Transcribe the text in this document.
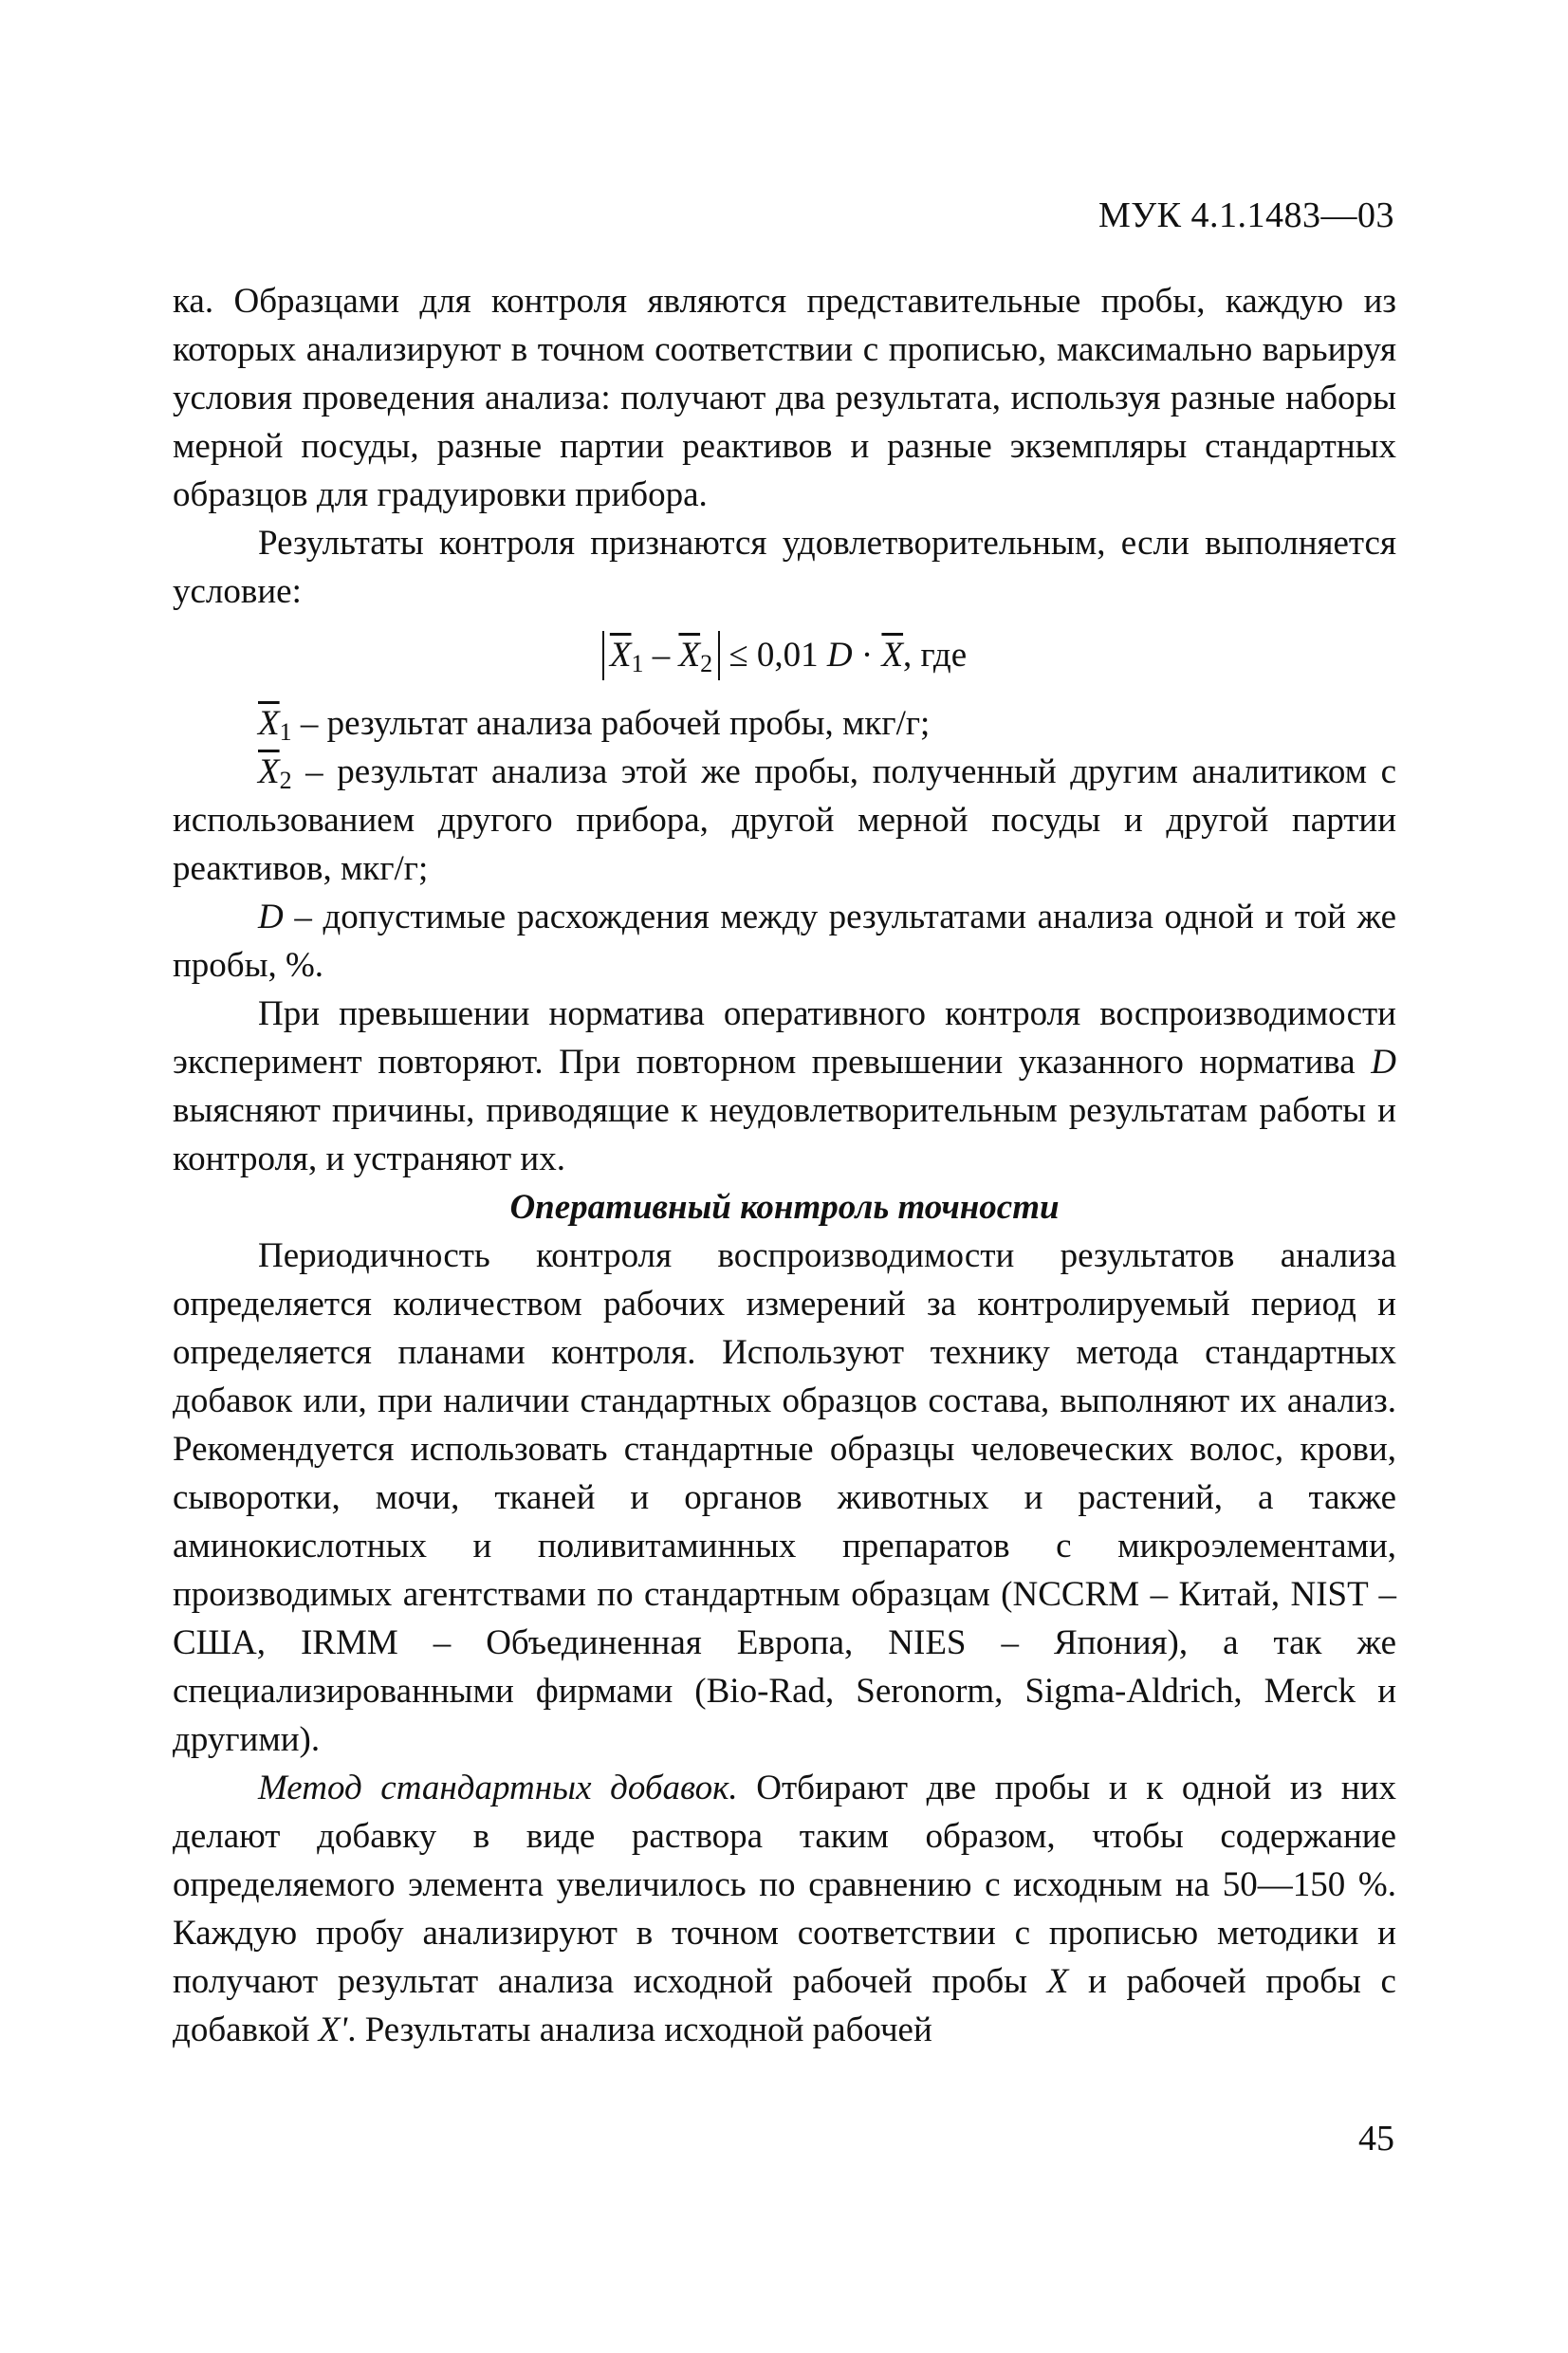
МУК 4.1.1483—03

ка. Образцами для контроля являются представительные пробы, каждую из которых анализируют в точном соответствии с прописью, максимально варьируя условия проведения анализа: получают два результата, используя разные наборы мерной посуды, разные партии реактивов и разные экземпляры стандартных образцов для градуировки прибора.

Результаты контроля признаются удовлетворительным, если выполняется условие:

$\overline{X}_1 - \overline{X}_2 \le 0,01$ $D \cdot \overline{X}$, где

$\overline{X}_1$ – результат анализа рабочей пробы, мкг/г;

$\overline{X}_2$ – результат анализа этой же пробы, полученный другим аналитиком с использованием другого прибора, другой мерной посуды и другой партии реактивов, мкг/г;

D – допустимые расхождения между результатами анализа одной и той же пробы, %.

При превышении норматива оперативного контроля воспроизводимости эксперимент повторяют. При повторном превышении указанного норматива D выясняют причины, приводящие к неудовлетворительным результатам работы и контроля, и устраняют их.

Оперативный контроль точности

Периодичность контроля воспроизводимости результатов анализа определяется количеством рабочих измерений за контролируемый период и определяется планами контроля. Используют технику метода стандартных добавок или, при наличии стандартных образцов состава, выполняют их анализ. Рекомендуется использовать стандартные образцы человеческих волос, крови, сыворотки, мочи, тканей и органов животных и растений, а также аминокислотных и поливитаминных препаратов с микроэлементами, производимых агентствами по стандартным образцам (NCCRM – Китай, NIST – США, IRMM – Объединенная Европа, NIES – Япония), а так же специализированными фирмами (Bio-Rad, Seronorm, Sigma-Aldrich, Merck и другими).

Метод стандартных добавок. Отбирают две пробы и к одной из них делают добавку в виде раствора таким образом, чтобы содержание определяемого элемента увеличилось по сравнению с исходным на 50—150 %. Каждую пробу анализируют в точном соответствии с прописью методики и получают результат анализа исходной рабочей пробы X и рабочей пробы с добавкой X'. Результаты анализа исходной рабочей

45
